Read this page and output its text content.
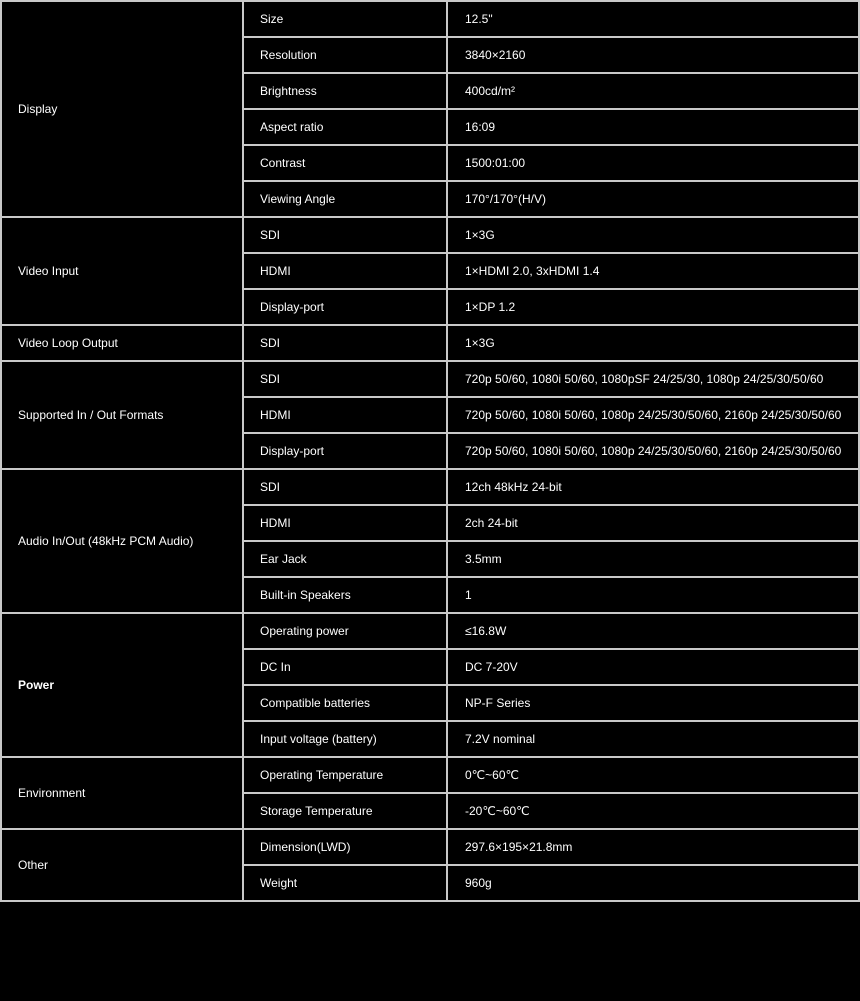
Display	Size	12.5"
	Resolution	3840×2160
	Brightness	400cd/m²
	Aspect ratio	16:09
	Contrast	1500:01:00
	Viewing Angle	170°/170°(H/V)
Video Input	SDI	1×3G
	HDMI	1×HDMI 2.0, 3xHDMI 1.4
	Display-port	1×DP 1.2
Video Loop Output	SDI	1×3G
Supported In / Out Formats	SDI	720p 50/60, 1080i 50/60, 1080pSF 24/25/30, 1080p 24/25/30/50/60
	HDMI	720p 50/60, 1080i 50/60, 1080p 24/25/30/50/60, 2160p 24/25/30/50/60
	Display-port	720p 50/60, 1080i 50/60, 1080p 24/25/30/50/60, 2160p 24/25/30/50/60
Audio In/Out (48kHz PCM Audio)	SDI	12ch 48kHz 24-bit
	HDMI	2ch 24-bit
	Ear Jack	3.5mm
	Built-in Speakers	1
Power	Operating power	≤16.8W
	DC In	DC 7-20V
	Compatible batteries	NP-F Series
	Input voltage (battery)	7.2V nominal
Environment	Operating Temperature	0℃~60℃
	Storage Temperature	-20℃~60℃
Other	Dimension(LWD)	297.6×195×21.8mm
	Weight	960g
